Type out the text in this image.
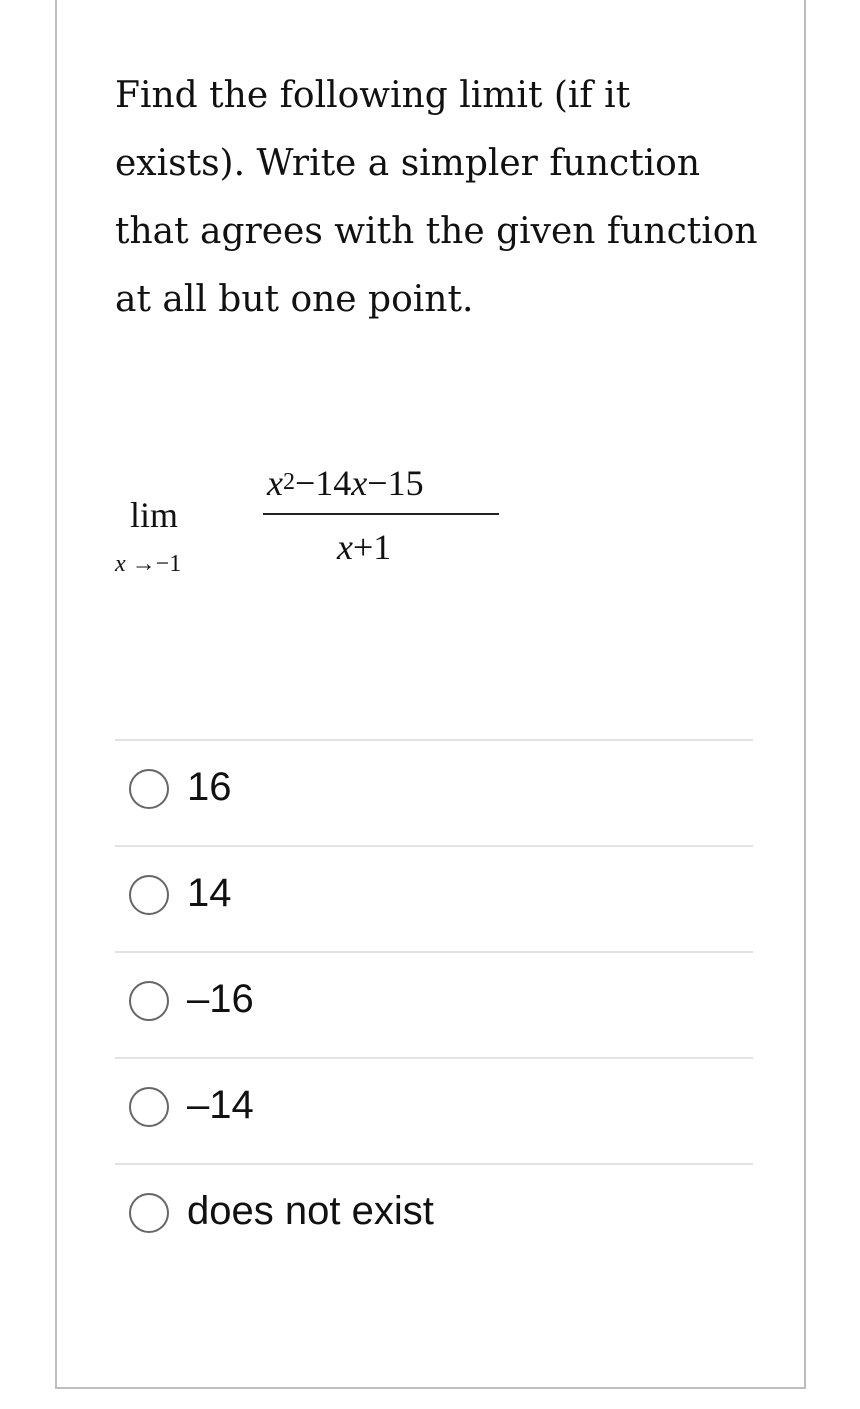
Find the following limit (if it exists). Write a simpler function that agrees with the given function at all but one point.

lim
x →−1
$x^2-14x-15$
x+1
16
14
–16
–14
does not exist
